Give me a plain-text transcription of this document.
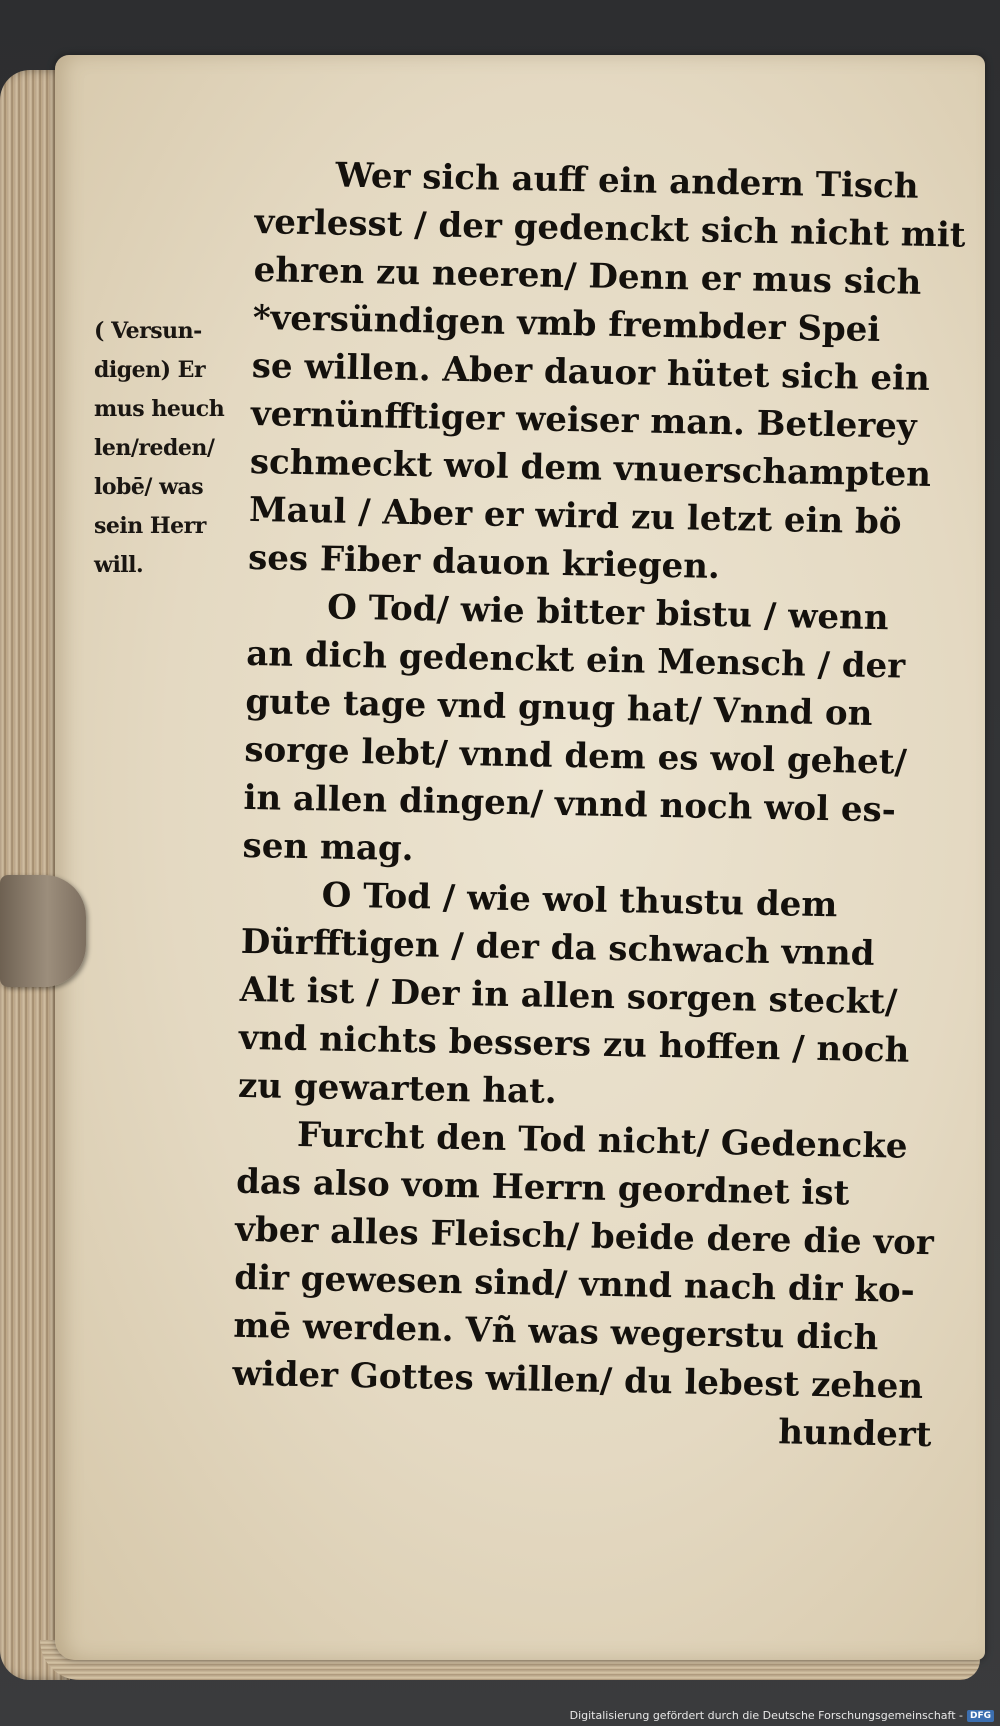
( Versun-
digen) Er
mus heuch
len/reden/
lobē/ was
sein Herr
will.
Wer sich auff ein andern Tisch
verlesst / der gedenckt sich nicht mit
ehren zu neeren/ Denn er mus sich
*versündigen vmb frembder Spei
se willen. Aber dauor hütet sich ein
vernünfftiger weiser man. Betlerey
schmeckt wol dem vnuerschampten
Maul / Aber er wird zu letzt ein bö
ses Fiber dauon kriegen.
O Tod/ wie bitter bistu / wenn
an dich gedenckt ein Mensch / der
gute tage vnd gnug hat/ Vnnd on
sorge lebt/ vnnd dem es wol gehet/
in allen dingen/ vnnd noch wol es-
sen mag.
O Tod / wie wol thustu dem
Dürfftigen / der da schwach vnnd
Alt ist / Der in allen sorgen steckt/
vnd nichts bessers zu hoffen / noch
zu gewarten hat.
Furcht den Tod nicht/ Gedencke
das also vom Herrn geordnet ist
vber alles Fleisch/ beide dere die vor
dir gewesen sind/ vnnd nach dir ko-
mē werden. Vñ was wegerstu dich
wider Gottes willen/ du lebest zehen
hundert
Digitalisierung gefördert durch die Deutsche Forschungsgemeinschaft - DFG
